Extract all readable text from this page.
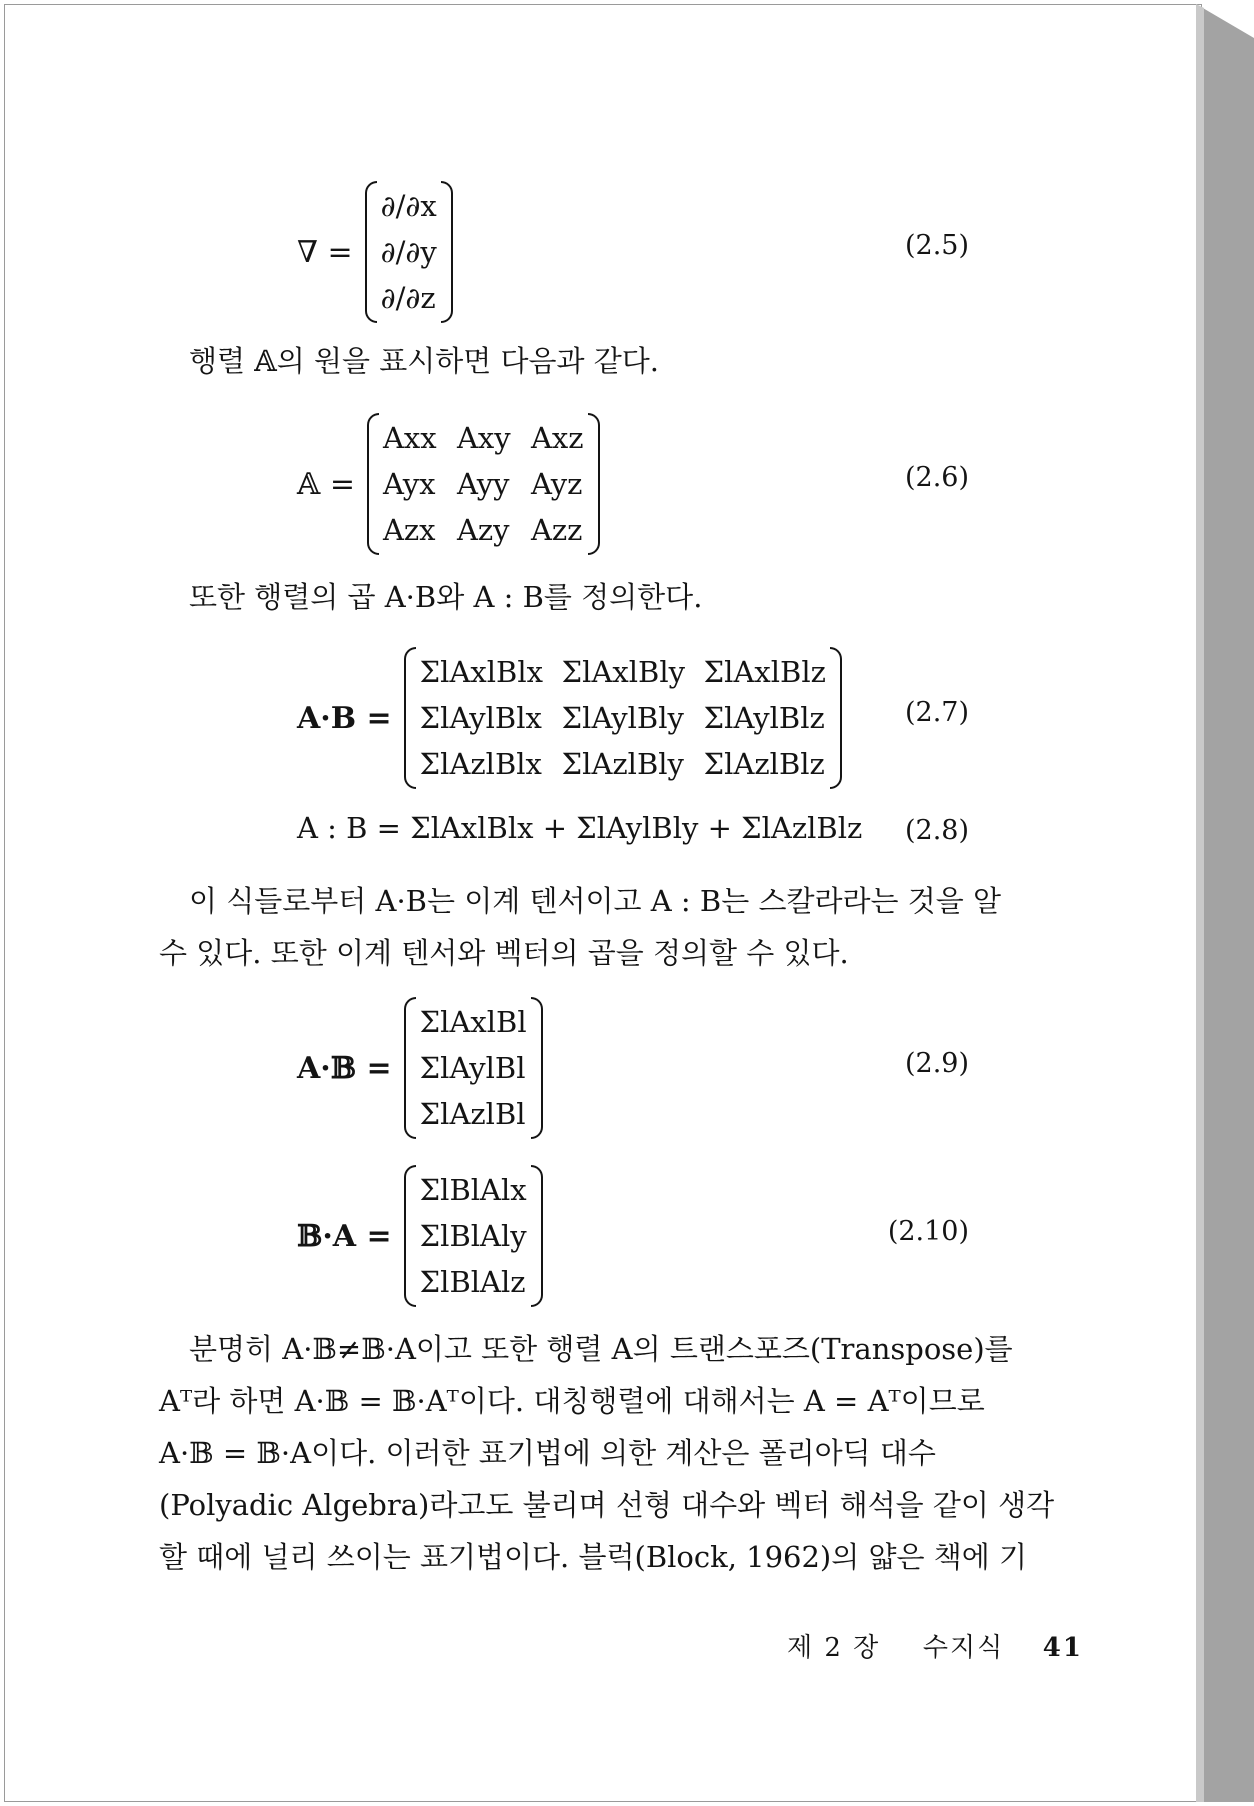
∇ =
∂/∂x
∂/∂y
∂/∂z
(2.5)

행렬 𝔸의 원을 표시하면 다음과 같다.

𝔸 =
Axx Axy Axz
Ayx Ayy Ayz
Azx Azy Azz
(2.6)

또한 행렬의 곱 A·B와 A : B를 정의한다.

A·B =
ΣlAxlBlx ΣlAxlBly ΣlAxlBlz
ΣlAylBlx ΣlAylBly ΣlAylBlz
ΣlAzlBlx ΣlAzlBly ΣlAzlBlz
(2.7)
A : B = ΣlAxlBlx + ΣlAylBly + ΣlAzlBlz (2.8)
이 식들로부터 A·B는 이계 텐서이고 A : B는 스칼라라는 것을 알
수 있다. 또한 이계 텐서와 벡터의 곱을 정의할 수 있다.
A·𝔹 =
ΣlAxlBl
ΣlAylBl
ΣlAzlBl
(2.9)
𝔹·A =
ΣlBlAlx
ΣlBlAly
ΣlBlAlz
(2.10)
분명히 A·𝔹≠𝔹·A이고 또한 행렬 A의 트랜스포즈(Transpose)를
Aᵀ라 하면 A·𝔹 = 𝔹·Aᵀ이다. 대칭행렬에 대해서는 A = Aᵀ이므로
A·𝔹 = 𝔹·A이다. 이러한 표기법에 의한 계산은 폴리아딕 대수
(Polyadic Algebra)라고도 불리며 선형 대수와 벡터 해석을 같이 생각
할 때에 널리 쓰이는 표기법이다. 블럭(Block, 1962)의 얇은 책에 기
제 2 장 수지식 41
